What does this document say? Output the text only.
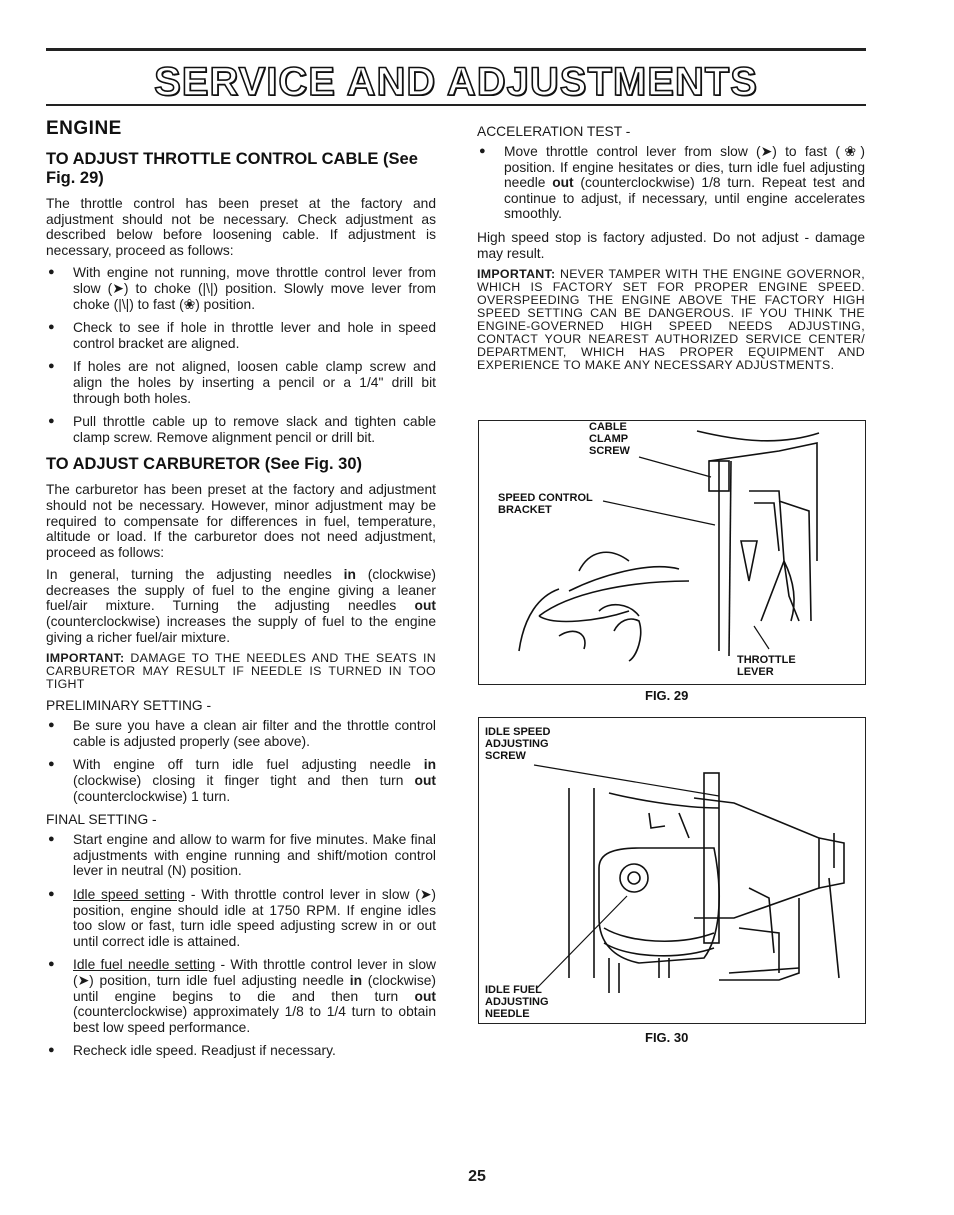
SERVICE AND ADJUSTMENTS
ENGINE
TO ADJUST THROTTLE CONTROL CABLE (See Fig. 29)

The throttle control has been preset at the factory and adjustment should not be necessary. Check adjustment as described below before loosening cable. If adjustment is necessary, proceed as follows:

● With engine not running, move throttle control lever from slow (➤) to choke (|\|) position. Slowly move lever from choke (|\|) to fast (❀) position.
● Check to see if hole in throttle lever and hole in speed control bracket are aligned.
● If holes are not aligned, loosen cable clamp screw and align the holes by inserting a pencil or a 1/4" drill bit through both holes.
● Pull throttle cable up to remove slack and tighten cable clamp screw. Remove alignment pencil or drill bit.
TO ADJUST CARBURETOR (See Fig. 30)

The carburetor has been preset at the factory and adjustment should not be necessary. However, minor adjustment may be required to compensate for differences in fuel, temperature, altitude or load. If the carburetor does not need adjustment, proceed as follows:

In general, turning the adjusting needles in (clockwise) decreases the supply of fuel to the engine giving a leaner fuel/air mixture. Turning the adjusting needles out (counterclockwise) increases the supply of fuel to the engine giving a richer fuel/air mixture.

IMPORTANT: DAMAGE TO THE NEEDLES AND THE SEATS IN CARBURETOR MAY RESULT IF NEEDLE IS TURNED IN TOO TIGHT

PRELIMINARY SETTING -
● Be sure you have a clean air filter and the throttle control cable is adjusted properly (see above).
● With engine off turn idle fuel adjusting needle in (clockwise) closing it finger tight and then turn out (counterclockwise) 1 turn.
FINAL SETTING -
● Start engine and allow to warm for five minutes. Make final adjustments with engine running and shift/motion control lever in neutral (N) position.
● Idle speed setting - With throttle control lever in slow (➤) position, engine should idle at 1750 RPM. If engine idles too slow or fast, turn idle speed adjusting screw in or out until correct idle is attained.
● Idle fuel needle setting - With throttle control lever in slow (➤) position, turn idle fuel adjusting needle in (clockwise) until engine begins to die and then turn out (counterclockwise) approximately 1/8 to 1/4 turn to obtain best low speed performance.
● Recheck idle speed. Readjust if necessary.
ACCELERATION TEST -
● Move throttle control lever from slow (➤) to fast (❀) position. If engine hesitates or dies, turn idle fuel adjusting needle out (counterclockwise) 1/8 turn. Repeat test and continue to adjust, if necessary, until engine accelerates smoothly.

High speed stop is factory adjusted. Do not adjust - damage may result.

IMPORTANT: NEVER TAMPER WITH THE ENGINE GOVERNOR, WHICH IS FACTORY SET FOR PROPER ENGINE SPEED. OVERSPEEDING THE ENGINE ABOVE THE FACTORY HIGH SPEED SETTING CAN BE DANGEROUS. IF YOU THINK THE ENGINE-GOVERNED HIGH SPEED NEEDS ADJUSTING, CONTACT YOUR NEAREST AUTHORIZED SERVICE CENTER/ DEPARTMENT, WHICH HAS PROPER EQUIPMENT AND EXPERIENCE TO MAKE ANY NECESSARY ADJUSTMENTS.

CABLE
CLAMP
SCREW
SPEED CONTROL
BRACKET
THROTTLE
LEVER
FIG. 29
IDLE SPEED
ADJUSTING
SCREW
IDLE FUEL
ADJUSTING
NEEDLE
FIG. 30
25
